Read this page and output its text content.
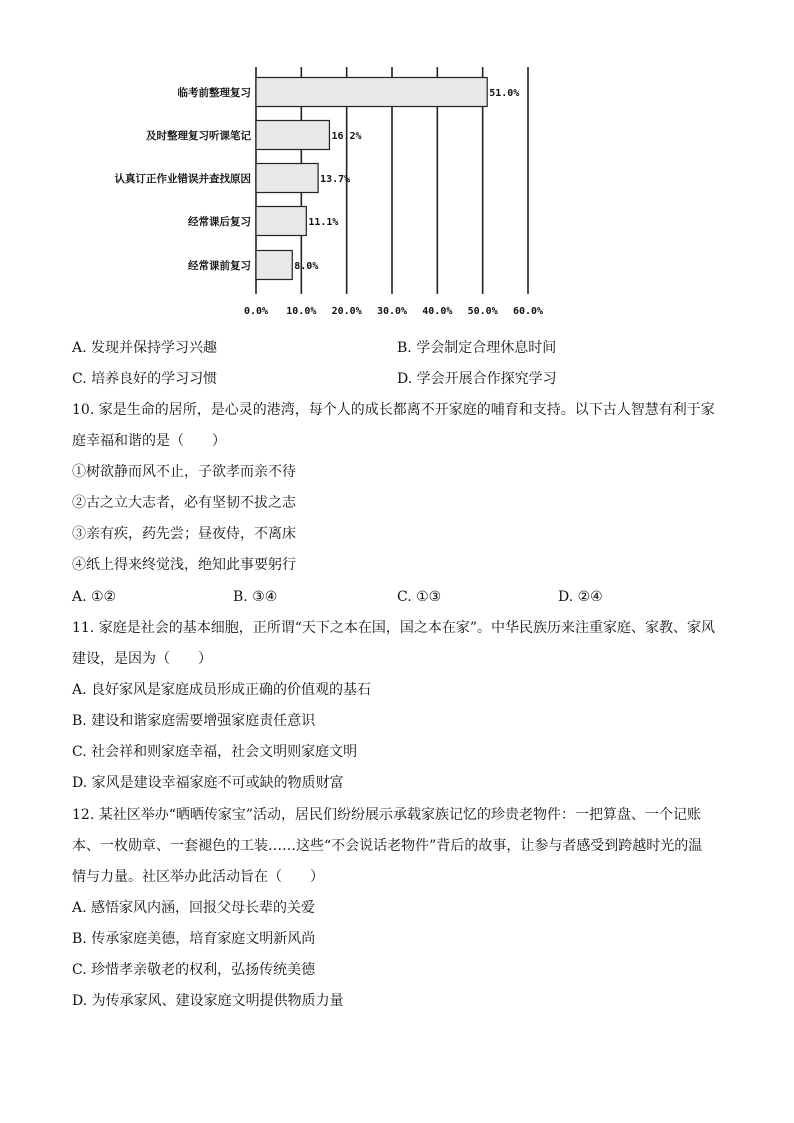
临考前整理复习	51.0%
及时整理复习听课笔记	16.2%
认真订正作业错误并查找原因	13.7%
经常课后复习	11.1%
经常课前复习	8.0%
0.0% 10.0% 20.0% 30.0% 40.0% 50.0% 60.0%
A. 发现并保持学习兴趣	B. 学会制定合理休息时间
C. 培养良好的学习习惯	D. 学会开展合作探究学习
10. 家是生命的居所，是心灵的港湾，每个人的成长都离不开家庭的哺育和支持。以下古人智慧有利于家
庭幸福和谐的是（　　）
①树欲静而风不止，子欲孝而亲不待
②古之立大志者，必有坚韧不拔之志
③亲有疾，药先尝；昼夜侍，不离床
④纸上得来终觉浅，绝知此事要躬行
A. ①②	B. ③④	C. ①③	D. ②④
11. 家庭是社会的基本细胞，正所谓“天下之本在国，国之本在家”。中华民族历来注重家庭、家教、家风
建设，是因为（　　）
A. 良好家风是家庭成员形成正确的价值观的基石
B. 建设和谐家庭需要增强家庭责任意识
C. 社会祥和则家庭幸福，社会文明则家庭文明
D. 家风是建设幸福家庭不可或缺的物质财富
12. 某社区举办“晒晒传家宝”活动，居民们纷纷展示承载家族记忆的珍贵老物件：一把算盘、一个记账
本、一枚勋章、一套褪色的工装……这些“不会说话老物件”背后的故事，让参与者感受到跨越时光的温
情与力量。社区举办此活动旨在（　　）
A. 感悟家风内涵，回报父母长辈的关爱
B. 传承家庭美德，培育家庭文明新风尚
C. 珍惜孝亲敬老的权利，弘扬传统美德
D. 为传承家风、建设家庭文明提供物质力量
